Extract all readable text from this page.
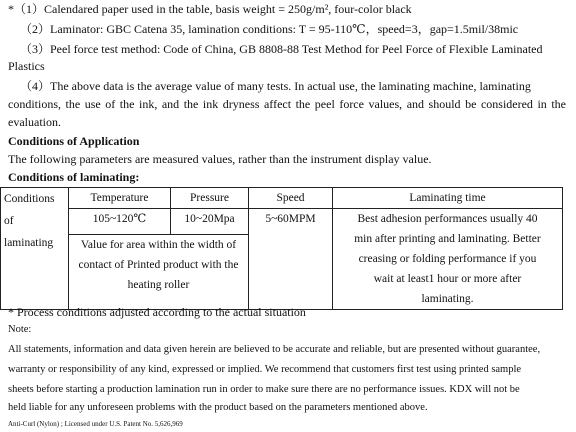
*（1）Calendared paper used in the table, basis weight = 250g/m², four-color black
（2）Laminator: GBC Catena 35, lamination conditions: T = 95-110℃，speed=3，gap=1.5mil/38mic
（3）Peel force test method: Code of China, GB 8808-88 Test Method for Peel Force of Flexible Laminated
Plastics
（4）The above data is the average value of many tests. In actual use, the laminating machine, laminating
conditions, the use of the ink, and the ink dryness affect the peel force values, and should be considered in the
evaluation.
Conditions of Application
The following parameters are measured values, rather than the instrument display value.
Conditions of laminating:
Conditions
of
laminating	Temperature	Pressure	Speed	Laminating time
	105~120℃	10~20Mpa	5~60MPM	Best adhesion performances usually 40
min after printing and laminating. Better
creasing or folding performance if you
wait at least1 hour or more after
laminating.

	Value for area within the width of
contact of Printed product with the
heating roller			
* Process conditions adjusted according to the actual situation
Note:
All statements, information and data given herein are believed to be accurate and reliable, but are presented without guarantee,
warranty or responsibility of any kind, expressed or implied. We recommend that customers first test using printed sample
sheets before starting a production lamination run in order to make sure there are no performance issues. KDX will not be
held liable for any unforeseen problems with the product based on the parameters mentioned above.
Anti-Curl (Nylon) ; Licensed under U.S. Patent No. 5,626,969
